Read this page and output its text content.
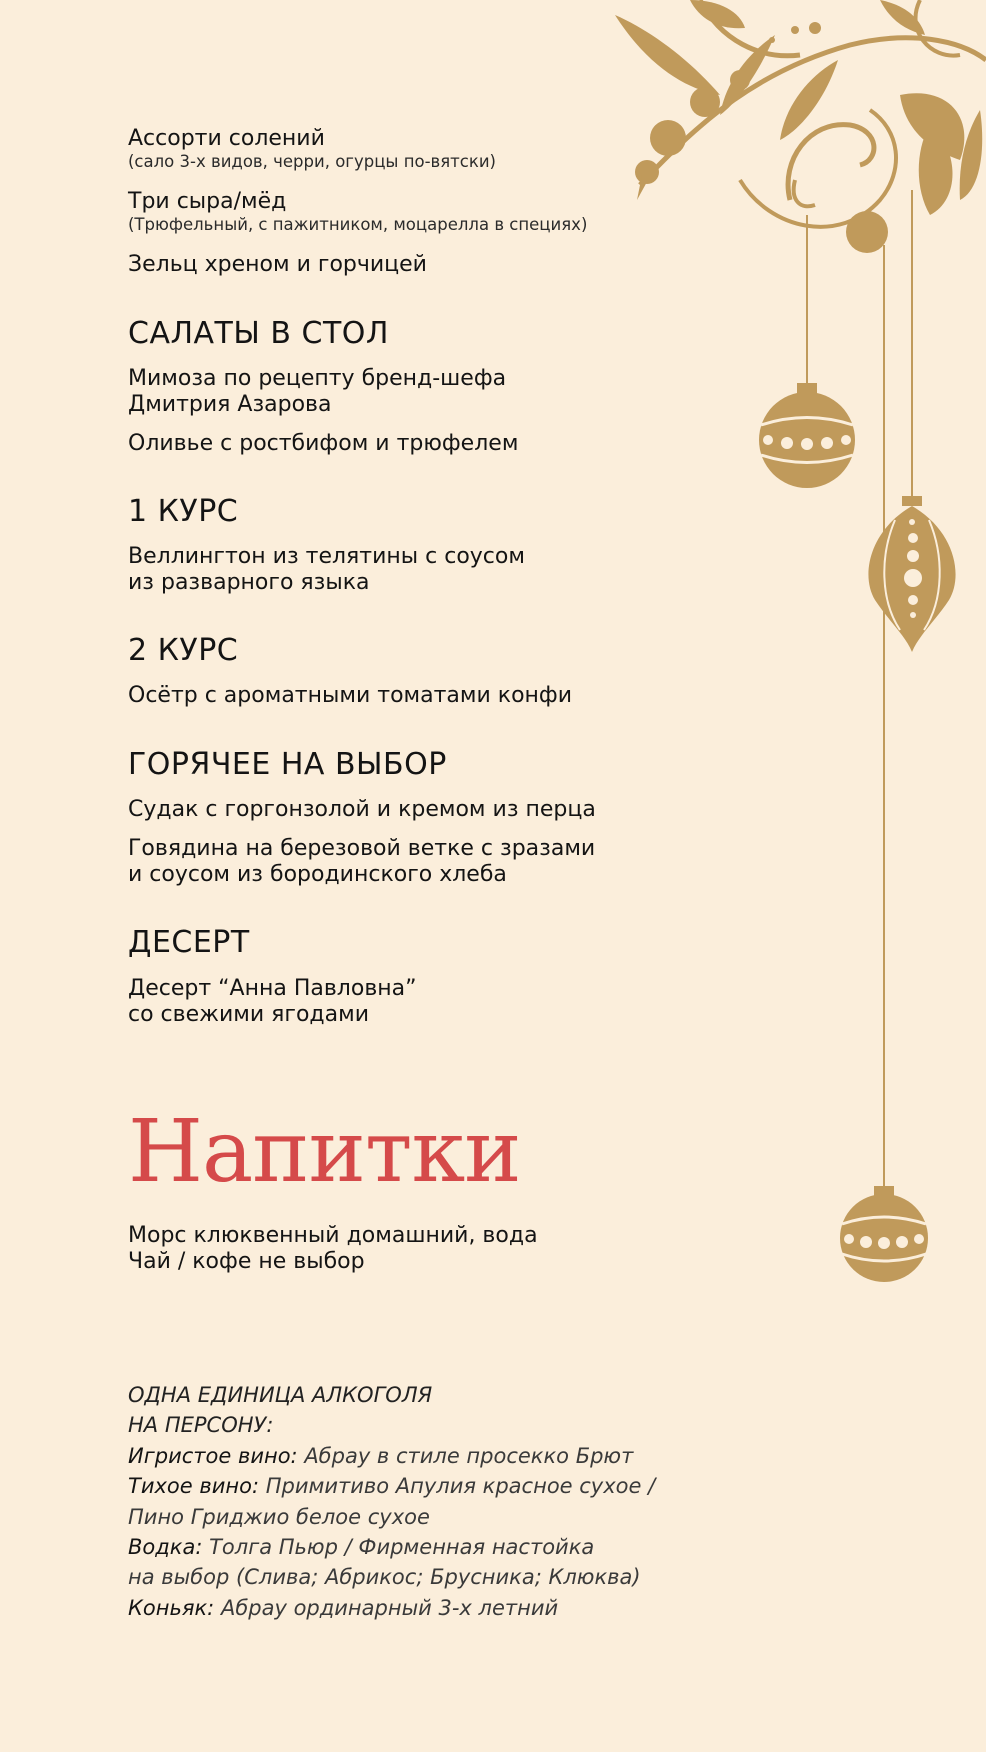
Ассорти солений
(сало 3-х видов, черри, огурцы по-вятски)
Три сыра/мёд
(Трюфельный, с пажитником, моцарелла в специях)
Зельц хреном и горчицей
САЛАТЫ В СТОЛ
Мимоза по рецепту бренд-шефа
Дмитрия Азарова
Оливье с ростбифом и трюфелем
1 КУРС
Веллингтон из телятины с соусом
из разварного языка
2 КУРС
Осётр с ароматными томатами конфи
ГОРЯЧЕЕ НА ВЫБОР
Судак с горгонзолой и кремом из перца
Говядина на березовой ветке с зразами
и соусом из бородинского хлеба
ДЕСЕРТ
Десерт “Анна Павловна”
со свежими ягодами
Напитки
Морс клюквенный домашний, вода
Чай / кофе не выбор
ОДНА ЕДИНИЦА АЛКОГОЛЯ
НА ПЕРСОНУ:
Игристое вино: Абрау в стиле просекко Брют
Тихое вино: Примитиво Апулия красное сухое /
Пино Гриджио белое сухое
Водка: Толга Пьюр / Фирменная настойка
на выбор (Слива; Абрикос; Брусника; Клюква)
Коньяк: Абрау ординарный 3-х летний
